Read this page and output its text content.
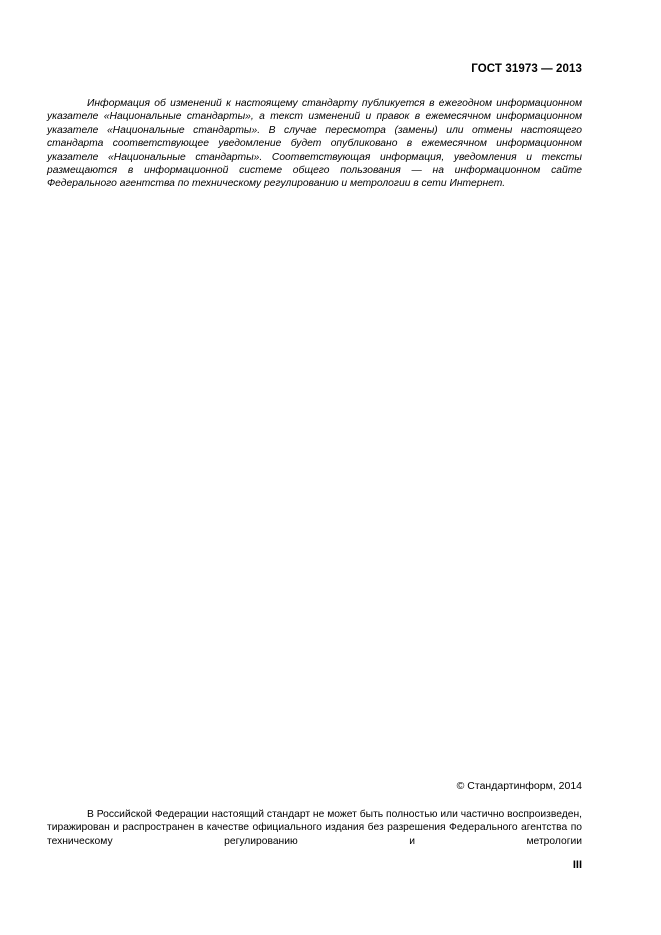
ГОСТ 31973 — 2013

Информация об изменений к настоящему стандарту публикуется в ежегодном информационном указателе «Национальные стандарты», а текст изменений и правок в ежемесячном информационном указателе «Национальные стандарты». В случае пересмотра (замены) или отмены настоящего стандарта соответствующее уведомление будет опубликовано в ежемесячном информационном указателе «Национальные стандарты». Соответствующая информация, уведомления и тексты размещаются в информационной системе общего пользования — на информационном сайте Федерального агентства по техническому регулированию и метрологии в сети Интернет.

© Стандартинформ, 2014

В Российской Федерации настоящий стандарт не может быть полностью или частично воспроизведен, тиражирован и распространен в качестве официального издания без разрешения Федерального агентства по техническому регулированию и метрологии

III
